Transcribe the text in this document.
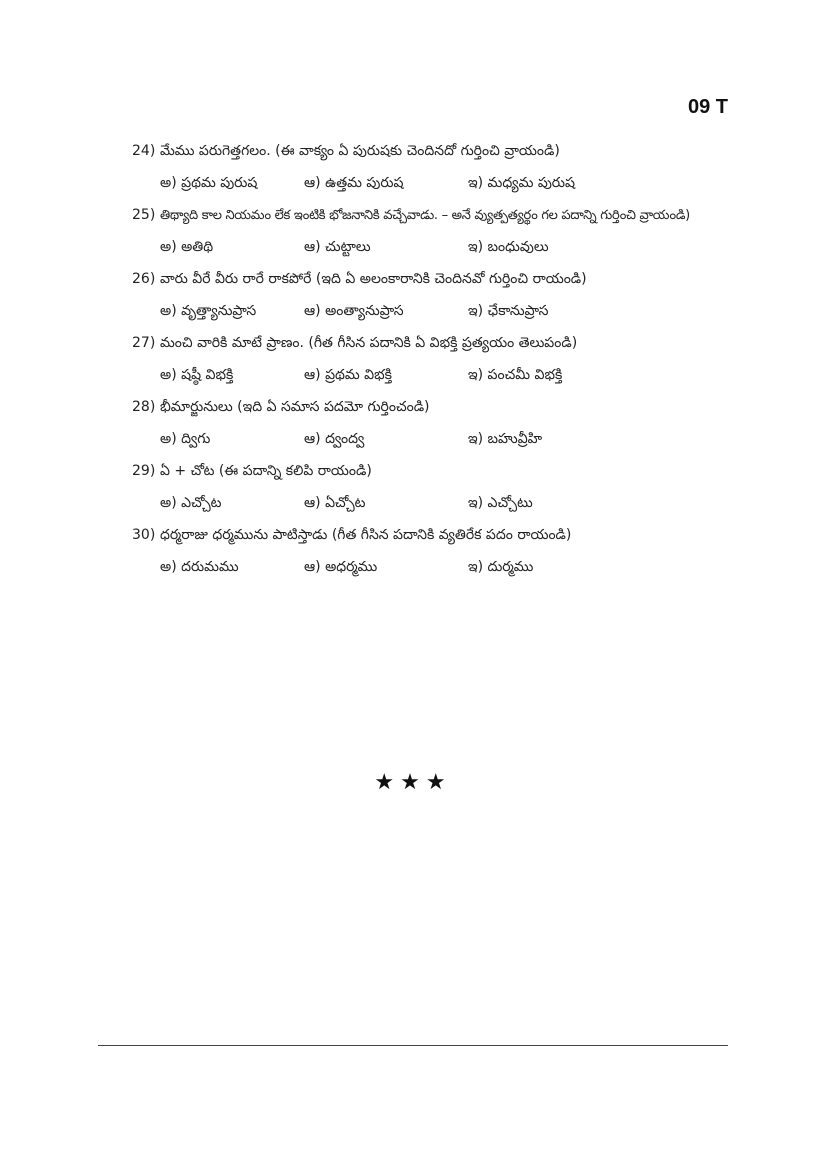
09 T
24) మేము పరుగెత్తగలం. (ఈ వాక్యం ఏ పురుషకు చెందినదో గుర్తించి వ్రాయండి)
అ) ప్రథమ పురుష	ఆ) ఉత్తమ పురుష	ఇ) మధ్యమ పురుష
25) తిథ్యాది కాల నియమం లేక ఇంటికి భోజనానికి వచ్చేవాడు. – అనే వ్యుత్పత్యర్థం గల పదాన్ని గుర్తించి వ్రాయండి)
అ) అతిథి	ఆ) చుట్టాలు	ఇ) బంధువులు
26) వారు వీరే వీరు రారే రాకపోరే (ఇది ఏ అలంకారానికి చెందినవో గుర్తించి రాయండి)
అ) వృత్త్యానుప్రాస	ఆ) అంత్యానుప్రాస	ఇ) ఛేకానుప్రాస
27) మంచి వారికి మాటే ప్రాణం. (గీత గీసిన పదానికి ఏ విభక్తి ప్రత్యయం తెలుపండి)
అ) షష్ఠీ విభక్తి	ఆ) ప్రథమ విభక్తి	ఇ) పంచమీ విభక్తి
28) భీమార్జునులు (ఇది ఏ సమాస పదమో గుర్తించండి)
అ) ద్విగు	ఆ) ద్వంద్వ	ఇ) బహువ్రీహి
29) ఏ + చోట (ఈ పదాన్ని కలిపి రాయండి)
అ) ఎచ్చోట	ఆ) ఏచ్చోట	ఇ) ఎచ్చోటు
30) ధర్మరాజు ధర్మమును పాటిస్తాడు (గీత గీసిన పదానికి వ్యతిరేక పదం రాయండి)
అ) దరుమము	ఆ) అధర్మము	ఇ) దుర్మము
★★★
